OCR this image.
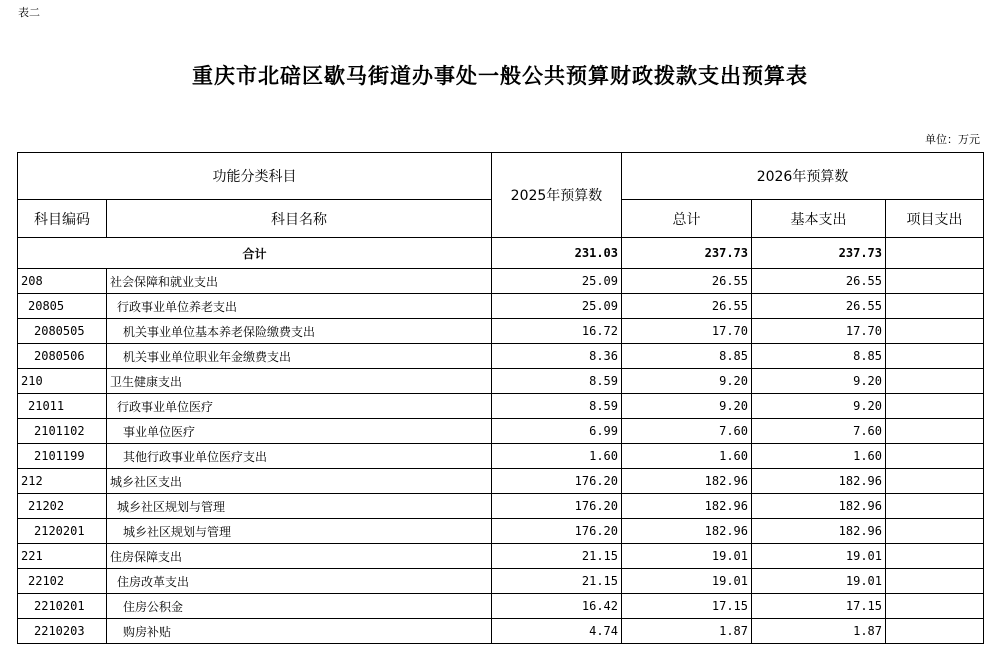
表二
重庆市北碚区歇马街道办事处一般公共预算财政拨款支出预算表
单位：万元
功能分类科目		2025年预算数	2026年预算数		
科目编码	科目名称		总计	基本支出	项目支出
合计		231.03	237.73	237.73	
208	社会保障和就业支出	25.09	26.55	26.55	
20805	行政事业单位养老支出	25.09	26.55	26.55	
2080505	机关事业单位基本养老保险缴费支出	16.72	17.70	17.70	
2080506	机关事业单位职业年金缴费支出	8.36	8.85	8.85	
210	卫生健康支出	8.59	9.20	9.20	
21011	行政事业单位医疗	8.59	9.20	9.20	
2101102	事业单位医疗	6.99	7.60	7.60	
2101199	其他行政事业单位医疗支出	1.60	1.60	1.60	
212	城乡社区支出	176.20	182.96	182.96	
21202	城乡社区规划与管理	176.20	182.96	182.96	
2120201	城乡社区规划与管理	176.20	182.96	182.96	
221	住房保障支出	21.15	19.01	19.01	
22102	住房改革支出	21.15	19.01	19.01	
2210201	住房公积金	16.42	17.15	17.15	
2210203	购房补贴	4.74	1.87	1.87	
